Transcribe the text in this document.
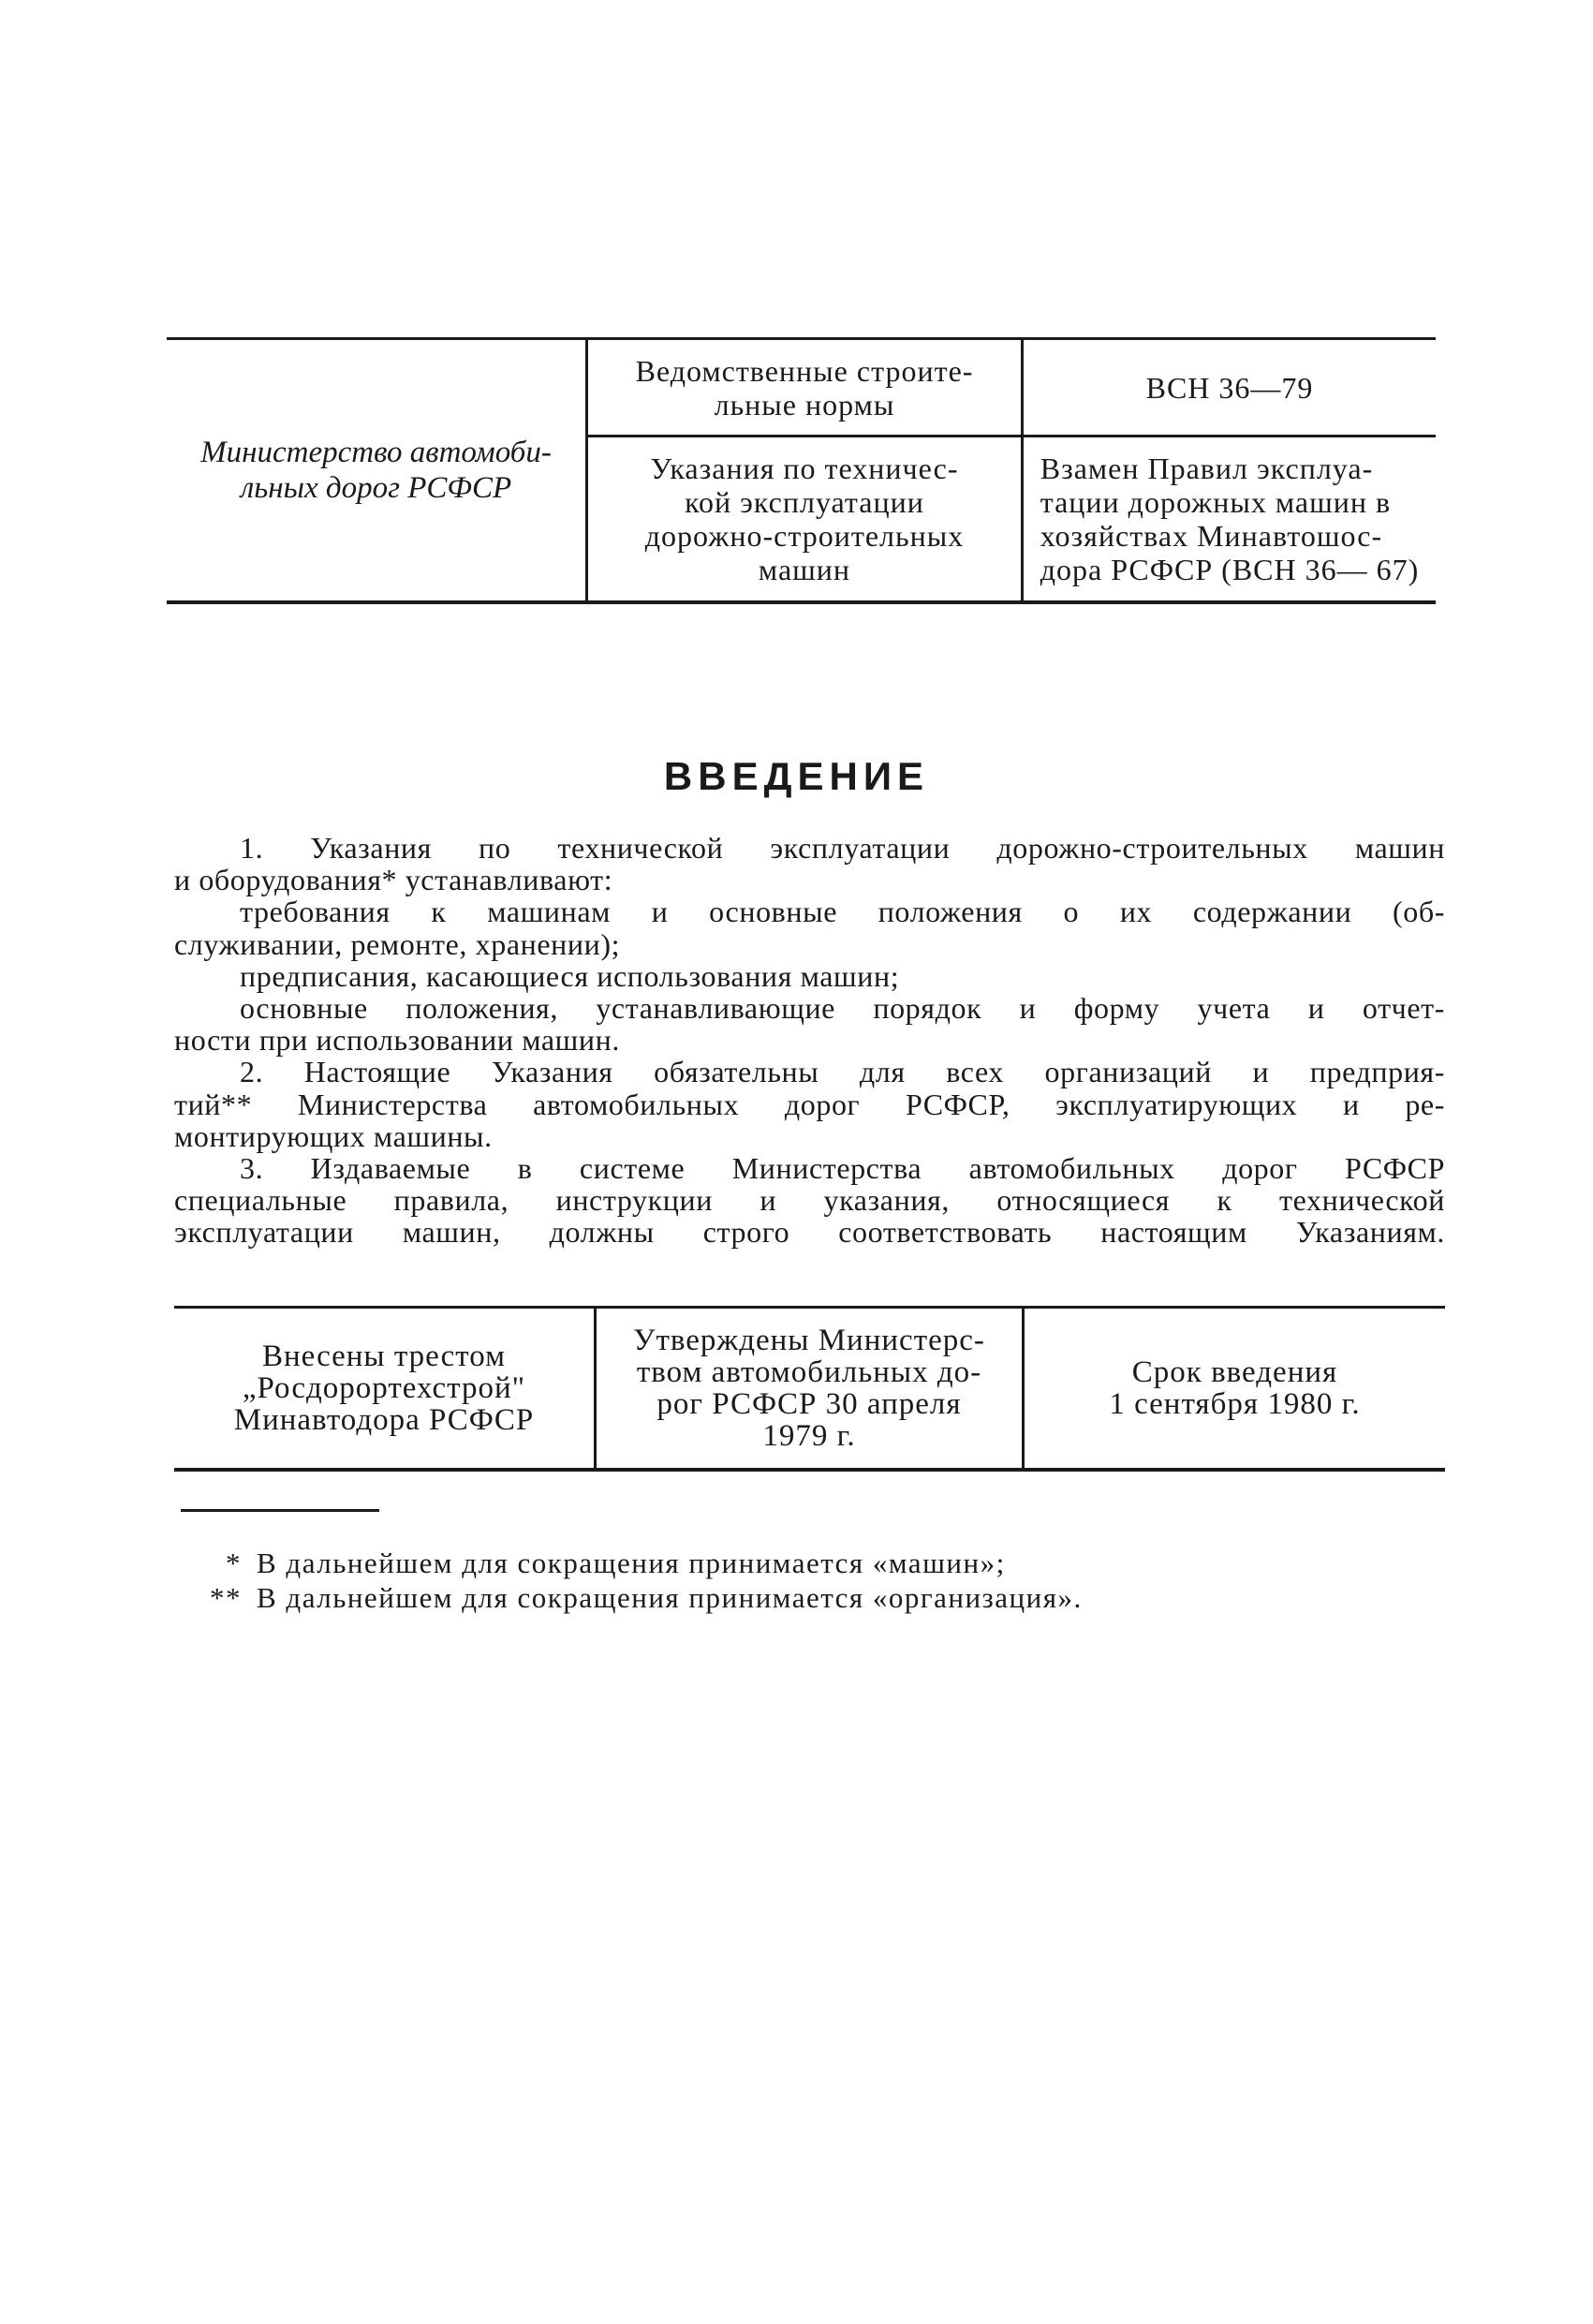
Министерство автомоби-
льных дорог РСФСР
Ведомственные строите-
льные нормы
Указания по техничес-
кой эксплуатации
дорожно-строительных
машин
ВСН 36—79
Взамен Правил эксплуа-
тации дорожных машин в
хозяйствах Минавтошос-
дора РСФСР (ВСН 36— 67)
ВВЕДЕНИЕ
1. Указания по технической эксплуатации дорожно-строительных машин
и оборудования* устанавливают:
требования к машинам и основные положения о их содержании (об-
служивании, ремонте, хранении);
предписания, касающиеся использования машин;
основные положения, устанавливающие порядок и форму учета и отчет-
ности при использовании машин.
2. Настоящие Указания обязательны для всех организаций и предприя-
тий** Министерства автомобильных дорог РСФСР, эксплуатирующих и ре-
монтирующих машины.
3. Издаваемые в системе Министерства автомобильных дорог РСФСР
специальные правила, инструкции и указания, относящиеся к технической
эксплуатации машин, должны строго соответствовать настоящим Указаниям.
Внесены трестом
„Росдорортехстрой"
Минавтодора РСФСР
Утверждены Министерс-
твом автомобильных до-
рог РСФСР 30 апреля
1979 г.
Срок введения
1 сентября 1980 г.
* В дальнейшем для сокращения принимается «машин»;
** В дальнейшем для сокращения принимается «организация».
